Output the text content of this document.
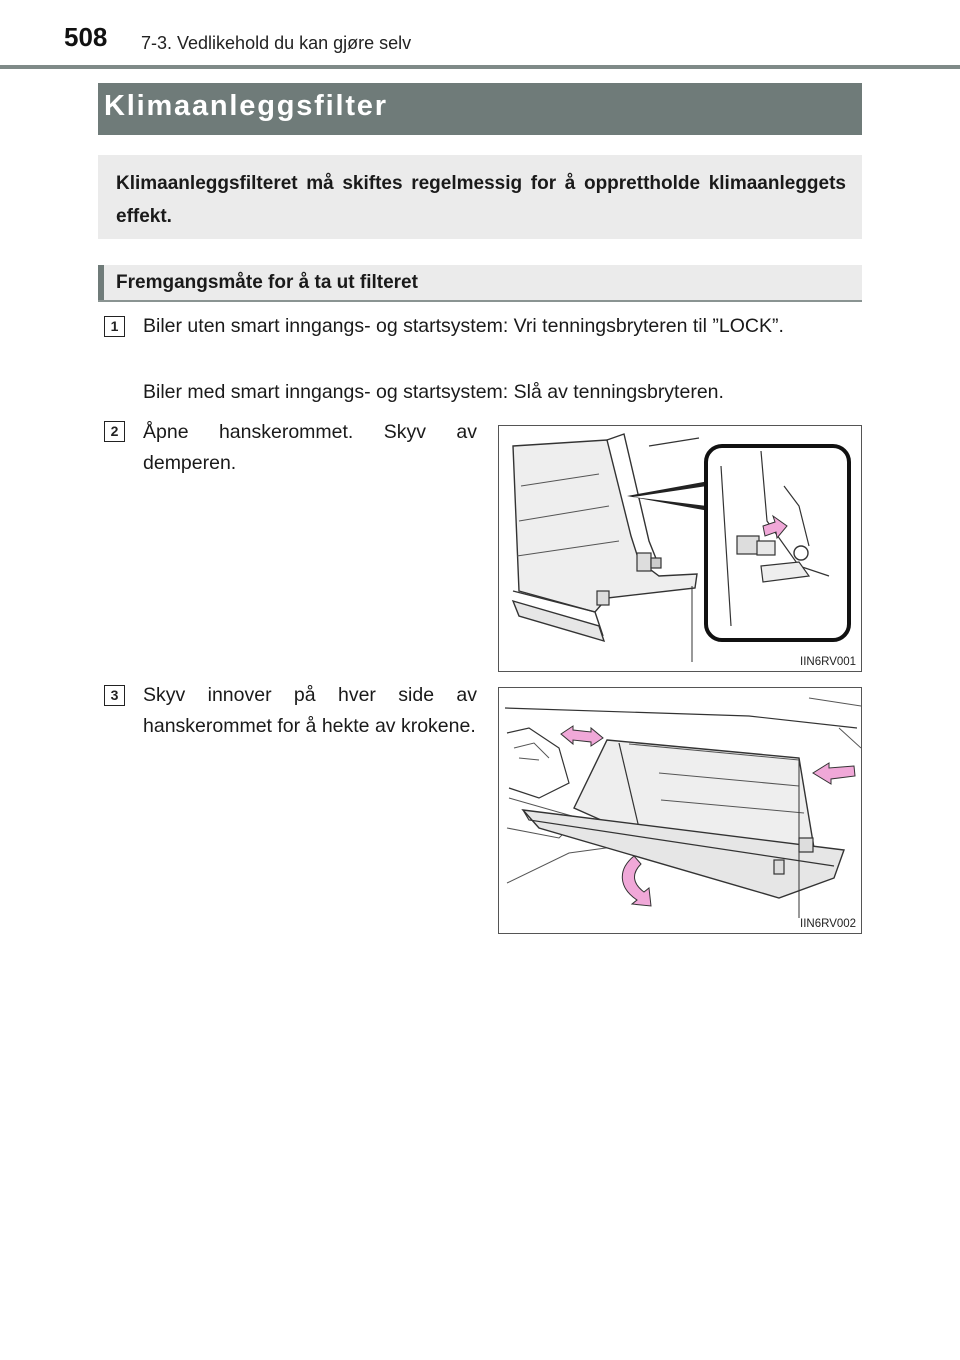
508 7-3. Vedlikehold du kan gjøre selv
Klimaanleggsfilter
Klimaanleggsfilteret må skiftes regelmessig for å opprettholde klimaanleggets effekt.
Fremgangsmåte for å ta ut filteret
1	Biler uten smart inngangs- og startsystem: Vri tenningsbryteren til ”LOCK”.
Biler med smart inngangs- og startsystem: Slå av tenningsbryteren.
2	Åpne hanskerommet. Skyv av demperen.
IIN6RV001
3	Skyv innover på hver side av hanskerommet for å hekte av krokene.
IIN6RV002
